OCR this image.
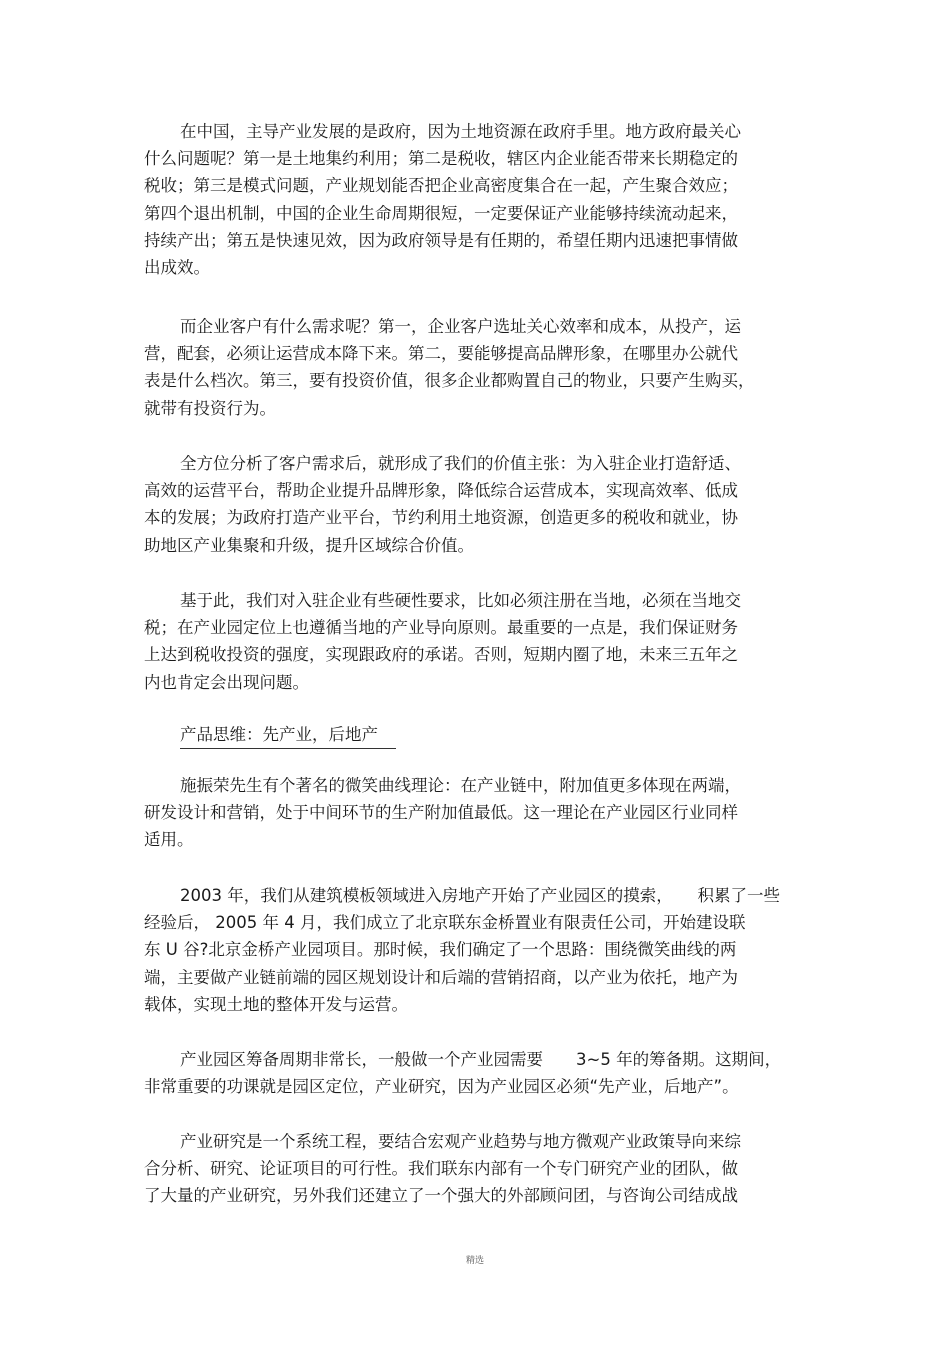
在中国，主导产业发展的是政府，因为土地资源在政府手里。地方政府最关心
什么问题呢？第一是土地集约利用；第二是税收，辖区内企业能否带来长期稳定的
税收；第三是模式问题，产业规划能否把企业高密度集合在一起，产生聚合效应；
第四个退出机制，中国的企业生命周期很短，一定要保证产业能够持续流动起来，
持续产出；第五是快速见效，因为政府领导是有任期的，希望任期内迅速把事情做
出成效。

而企业客户有什么需求呢？第一，企业客户选址关心效率和成本，从投产，运
营，配套，必须让运营成本降下来。第二，要能够提高品牌形象，在哪里办公就代
表是什么档次。第三，要有投资价值，很多企业都购置自己的物业，只要产生购买，
就带有投资行为。

全方位分析了客户需求后，就形成了我们的价值主张：为入驻企业打造舒适、
高效的运营平台，帮助企业提升品牌形象，降低综合运营成本，实现高效率、低成
本的发展；为政府打造产业平台，节约利用土地资源，创造更多的税收和就业，协
助地区产业集聚和升级，提升区域综合价值。

基于此，我们对入驻企业有些硬性要求，比如必须注册在当地，必须在当地交
税；在产业园定位上也遵循当地的产业导向原则。最重要的一点是，我们保证财务
上达到税收投资的强度，实现跟政府的承诺。否则，短期内圈了地，未来三五年之
内也肯定会出现问题。

产品思维：先产业，后地产

施振荣先生有个著名的微笑曲线理论：在产业链中，附加值更多体现在两端，
研发设计和营销，处于中间环节的生产附加值最低。这一理论在产业园区行业同样
适用。

2003 年，我们从建筑模板领域进入房地产开始了产业园区的摸索，　　积累了一些
经验后， 2005 年 4 月，我们成立了北京联东金桥置业有限责任公司，开始建设联
东 U 谷?北京金桥产业园项目。那时候，我们确定了一个思路：围绕微笑曲线的两
端，主要做产业链前端的园区规划设计和后端的营销招商，以产业为依托，地产为
载体，实现土地的整体开发与运营。

产业园区筹备周期非常长，一般做一个产业园需要　　3~5 年的筹备期。这期间，
非常重要的功课就是园区定位，产业研究，因为产业园区必须“先产业，后地产”。

产业研究是一个系统工程，要结合宏观产业趋势与地方微观产业政策导向来综
合分析、研究、论证项目的可行性。我们联东内部有一个专门研究产业的团队，做
了大量的产业研究，另外我们还建立了一个强大的外部顾问团，与咨询公司结成战

精选
